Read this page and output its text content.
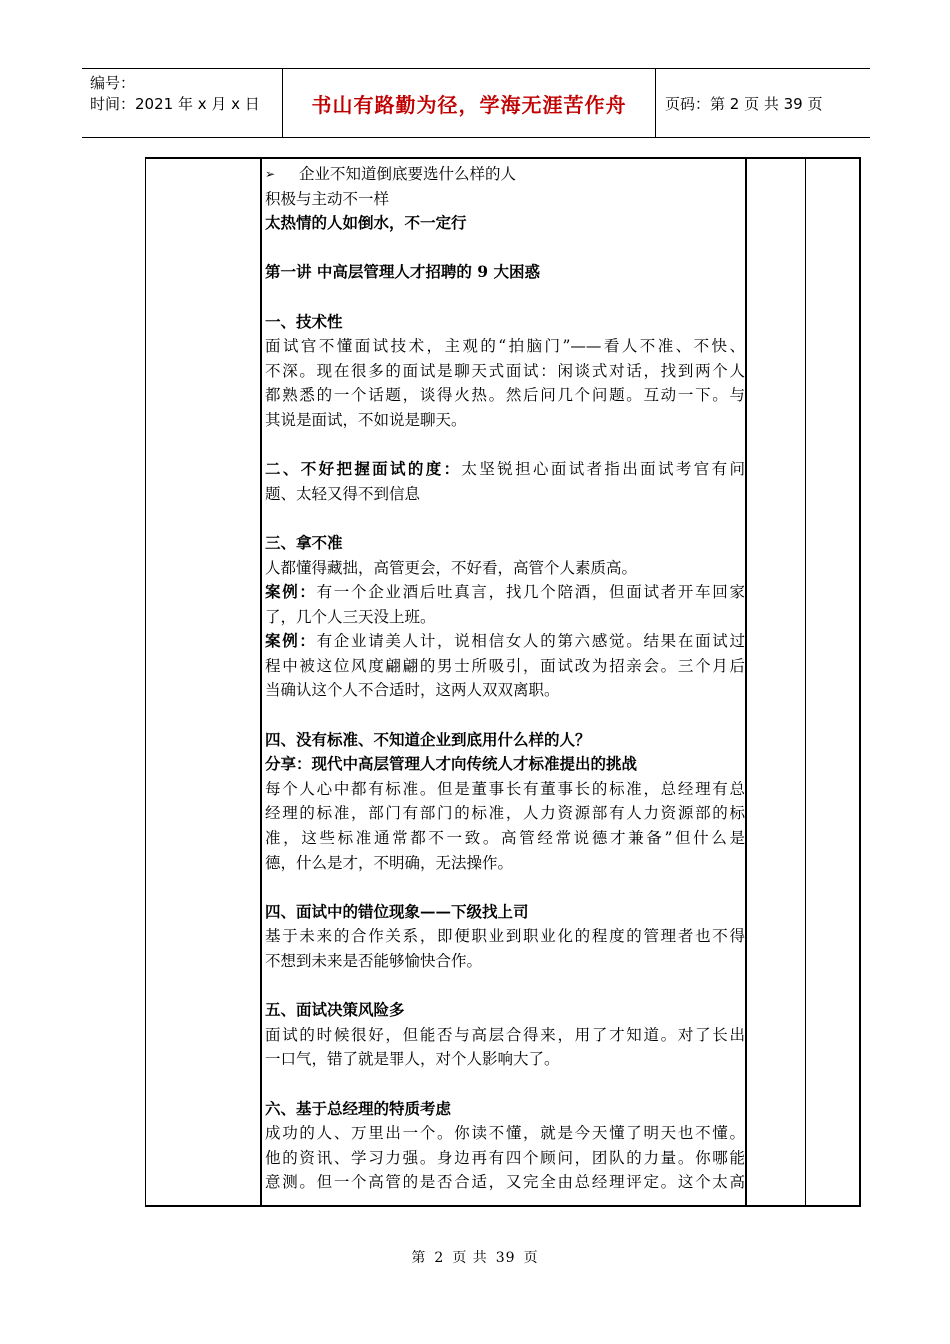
编号：
时间：2021 年 x 月 x 日	书山有路勤为径，学海无涯苦作舟	页码：第 2 页 共 39 页
➢	企业不知道倒底要选什么样的人

积极与主动不一样

太热情的人如倒水，不一定行

第一讲 中高层管理人才招聘的 9 大困惑

一、技术性

面试官不懂面试技术，主观的“拍脑门”——看人不准、不快、

不深。现在很多的面试是聊天式面试：闲谈式对话，找到两个人

都熟悉的一个话题，谈得火热。然后问几个问题。互动一下。与

其说是面试，不如说是聊天。

二、不好把握面试的度：太坚锐担心面试者指出面试考官有问

题、太轻又得不到信息

三、拿不准

人都懂得藏拙，高管更会，不好看，高管个人素质高。

案例：有一个企业酒后吐真言，找几个陪酒，但面试者开车回家

了，几个人三天没上班。

案例：有企业请美人计，说相信女人的第六感觉。结果在面试过

程中被这位风度翩翩的男士所吸引，面试改为招亲会。三个月后

当确认这个人不合适时，这两人双双离职。

四、没有标准、不知道企业到底用什么样的人？

分享：现代中高层管理人才向传统人才标准提出的挑战

每个人心中都有标准。但是董事长有董事长的标准，总经理有总

经理的标准，部门有部门的标准，人力资源部有人力资源部的标

准，这些标准通常都不一致。高管经常说德才兼备”但什么是

德，什么是才，不明确，无法操作。

四、面试中的错位现象——下级找上司

基于未来的合作关系，即便职业到职业化的程度的管理者也不得

不想到未来是否能够愉快合作。

五、面试决策风险多

面试的时候很好，但能否与高层合得来，用了才知道。对了长出

一口气，错了就是罪人，对个人影响大了。

六、基于总经理的特质考虑

成功的人、万里出一个。你读不懂，就是今天懂了明天也不懂。

他的资讯、学习力强。身边再有四个顾问，团队的力量。你哪能

意测。但一个高管的是否合适，又完全由总经理评定。这个太高

第 2 页 共 39 页
